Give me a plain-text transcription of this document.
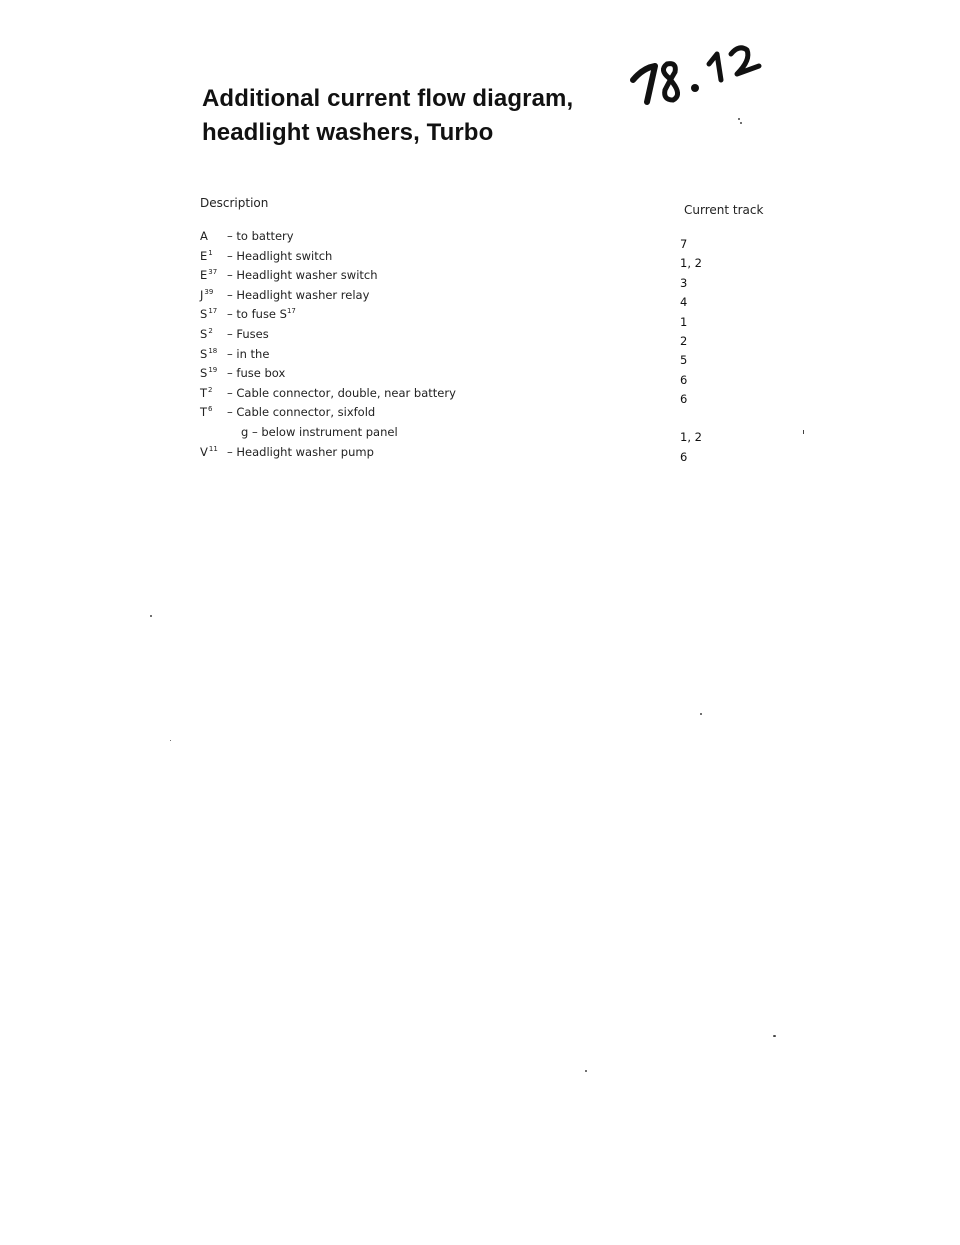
Additional current flow diagram,
headlight washers, Turbo
Description	Current track
A – to battery
$E^1$ – Headlight switch
$E^{37}$ – Headlight washer switch
$J^{39}$ – Headlight washer relay
$S^{17}$ – to fuse $S^{17}$
$S^2$ – Fuses
$S^{18}$ – in the
$S^{19}$ – fuse box
$T^2$ – Cable connector, double, near battery
$T^6$ – Cable connector, sixfold
g – below instrument panel
$V^{11}$ – Headlight washer pump
7
1, 2
3
4
1
2
5
6
6
1, 2
6
